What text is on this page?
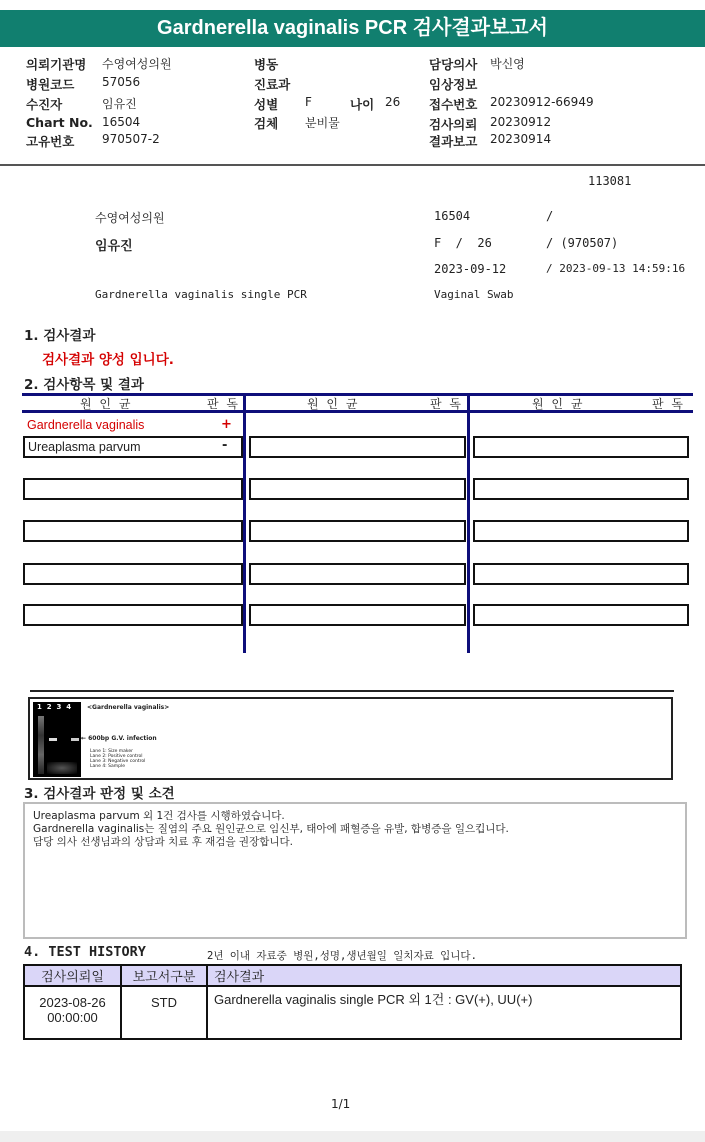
Gardnerella vaginalis PCR 검사결과보고서
의뢰기관명 수영여성의원
병원코드 57056
수진자	임유진
Chart No. 16504
고유번호 970507-2
병동
진료과
성별 F	나이 26
검체 분비물
담당의사 박신영
임상정보
접수번호 20230912-66949
검사의뢰 20230912
결과보고 20230914
113081
수영여성의원	16504	/
임유진	F  /  26	/ (970507)
2023-09-12	/ 2023-09-13 14:59:16
Gardnerella vaginalis single PCR	Vaginal Swab
1. 검사결과
검사결과 양성 입니다.
2. 검사항목 및 결과
원 인 균	판 독	원 인 균	판 독	원 인 균	판 독
Gardnerella vaginalis	+
Ureaplasma parvum	-
1  2  3  4	<Gardnerella vaginalis>
← 600bp G.V. infection
Lane 1: Size maker
Lane 2: Positive control
Lane 3: Negative control
Lane 4: Sample
3. 검사결과 판정 및 소견
Ureaplasma parvum 외 1건 검사를 시행하였습니다.
Gardnerella vaginalis는 질염의 주요 원인균으로 임신부, 태아에 패혈증을 유발, 합병증을 일으킵니다.
담당 의사 선생님과의 상담과 치료 후 재검을 권장합니다.
4. TEST HISTORY	2년 이내 자료중 병원,성명,생년월일 일치자료 입니다.
검사의뢰일	보고서구분	검사결과

2023-08-26
00:00:00	STD	Gardnerella vaginalis single PCR 외 1건 : GV(+), UU(+)
1/1
